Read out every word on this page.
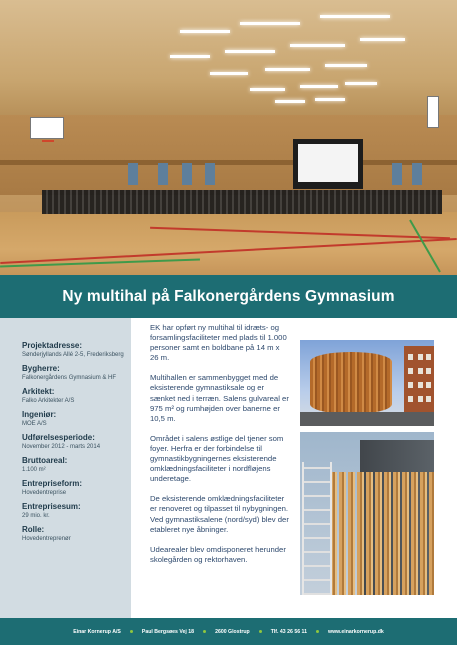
Ny multihal på Falkonergårdens Gymnasium
Projektadresse:
Sønderjyllands Allé 2-5, Frederiksberg
Bygherre:
Falkonergårdens Gymnasium & HF
Arkitekt:
Falko Arkitekter A/S
Ingeniør:
MOE A/S
Udførelsesperiode:
November 2012 - marts 2014
Bruttoareal:
1.100 m²
Entrepriseform:
Hovedentreprise
Entreprisesum:
29 mio. kr.
Rolle:
Hovedentreprenør

EK har opført ny multihal til idræts- og forsamlingsfaciliteter med plads til 1.000 personer samt en boldbane på 14 m x 26 m.

Multihallen er sammenbygget med de eksisterende gymnastiksale og er sænket ned i terræn. Salens gulvareal er 975 m² og rumhøjden over banerne er 10,5 m.

Området i salens østlige del tjener som foyer. Herfra er der forbindelse til gymnastikbygningernes eksisterende omklædningsfaciliteter i nordfløjens underetage.

De eksisterende omklædningsfaciliteter er renoveret og tilpasset til nybygningen. Ved gymnastiksalene (nord/syd) blev der etableret nye åbninger.

Udearealer blev omdisponeret herunder skolegården og rektorhaven.

Einar Kornerup A/S	Paul Bergsøes Vej 18	2600 Glostrup	Tlf. 43 26 56 11	www.einarkornerup.dk
